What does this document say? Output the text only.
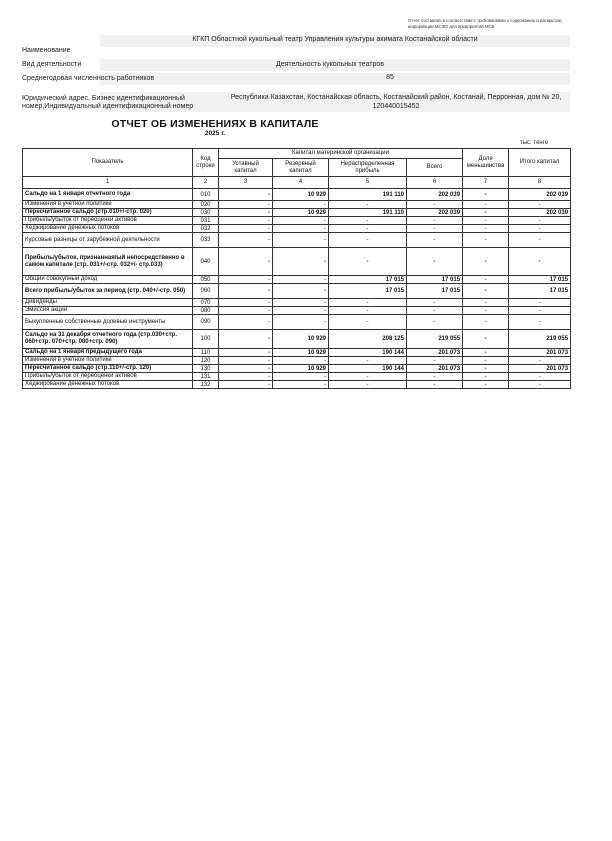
Отчет составлен в соответствии с требованиями к содержанию и раскрытию информации МСФО для предприятий МСБ
КГКП Областной кукольный театр Управления культуры акимата Костанайской области
Наименование
Вид деятельности	Деятельность кукольных театров
Среднегодовая численность работников	85
Юридический адрес, Бизнес идентификационный номер,Индивидуальный идентификационный номер
Республика Казахстан, Костанайская область, Костанайский район, Костанай, Перронная, дом № 20, 120440015452
ОТЧЕТ ОБ ИЗМЕНЕНИЯХ В КАПИТАЛЕ
2025 г.
тыс. тенге
Показатель	Код строки	Капитал материнской организации				Доля меньшинства	Итого капитал
		Уставный капитал	Резервный капитал	Нераспределенная прибыль	Всего		
1	2	3	4	5	6	7	8
Сальдо на 1 января отчетного года	010	-	10 929	191 110	202 039	-	202 039
Изменения в учетной политике	020	-	-	-	-	-	-
Пересчитанное сальдо (стр.010+/-стр. 020)	030	-	10 929	191 110	202 039	-	202 039
Прибыль/убыток от переоценки активов	031	-	-	-	-	-	-
Хеджирование денежных потоков	032	-	-	-	-	-	-
Курсовые разницы от зарубежной деятельности	033	-	-	-	-	-	-
Прибыль/убыток, признанная/ый непосредственно в самом капитале (стр. 031+/-стр. 032+/- стр.033)	040	-	-	-	-	-	-
Общий совокупный доход	050	-	-	17 015	17 015	-	17 015
Всего прибыль/убыток за период (стр. 040+/-стр. 050)	060	-	-	17 015	17 015	-	17 015
Дивиденды	070	-	-	-	-	-	-
Эмиссия акций	080	-	-	-	-	-	-
Выкупленные собственные долевые инструменты	090	-	-	-	-	-	-
Сальдо на 31 декабря отчетного года (стр.030+стр. 060+стр. 070+стр. 080+стр. 090)	100	-	10 929	208 125	219 055	-	219 055
Сальдо на 1 января предыдущего года	110	-	10 929	190 144	201 073	-	201 073
Изменения в учетной политике	120	-	-	-	-	-	-
Пересчитанное сальдо (стр.110+/-стр. 120)	130	-	10 929	190 144	201 073	-	201 073
Прибыль/убыток от переоценки активов	131	-	-	-	-	-	-
Хеджирование денежных потоков	132	-	-	-	-	-	-
